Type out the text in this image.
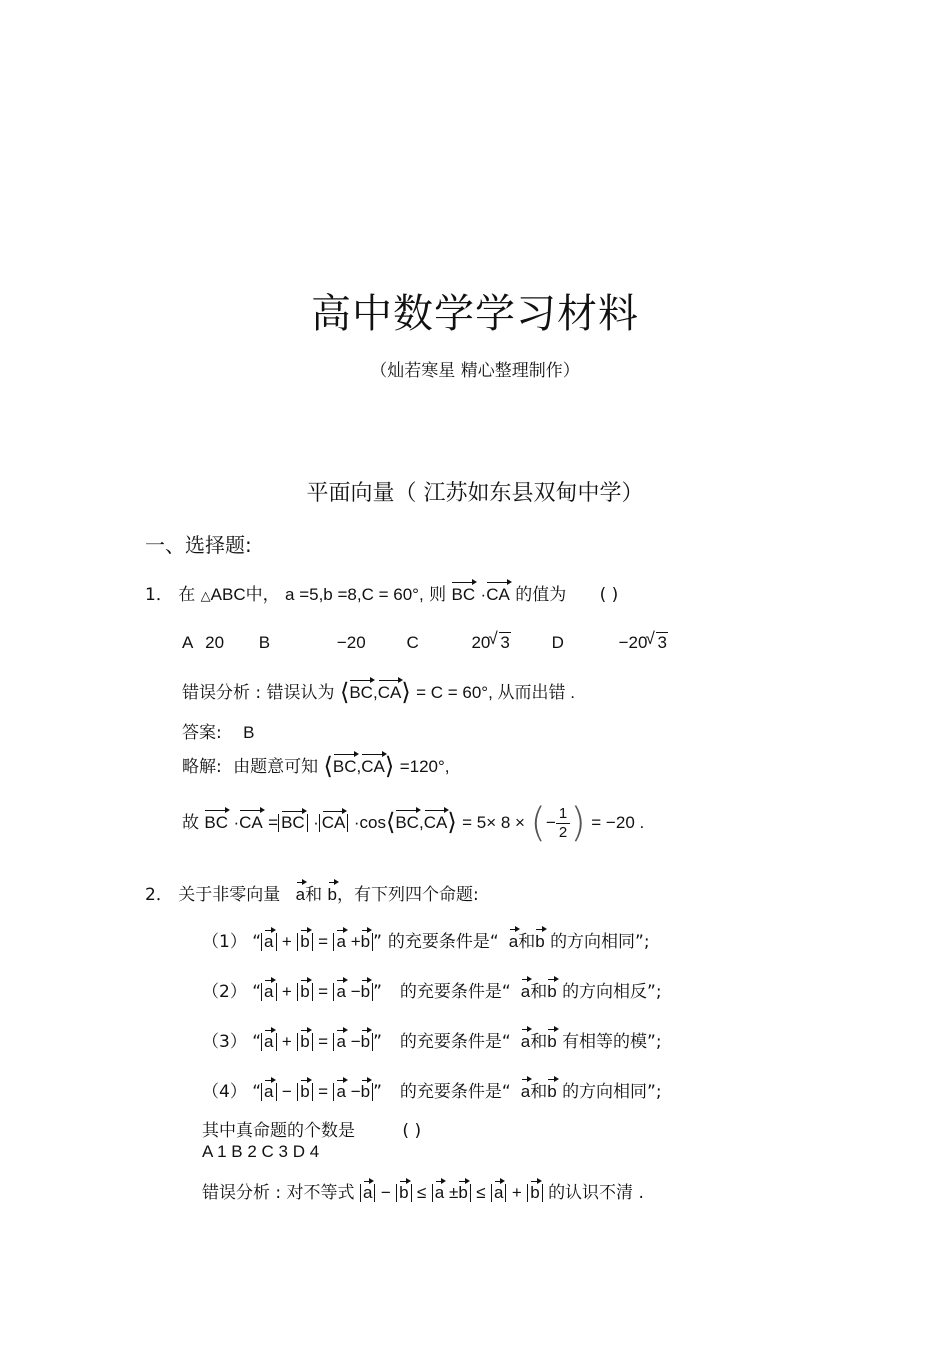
高中数学学习材料
（灿若寒星 精心整理制作）
平面向量（ 江苏如东县双甸中学）
一、选择题:
1． 在 △ABC中， a =5,b =8,C = 60°, 则 BC ·CA 的值为 ( )
A 20 B	−20 C	20 √ 3 D	−20 √ 3
错误分析 : 错误认为 ⟨BC,CA⟩ = C = 60°, 从而出错 .
答案: B
略解: 由题意可知 ⟨BC,CA⟩ =120°,
故 BC ·CA = BC · CA ·cos⟨BC,CA⟩ = 5× 8 × (− $\frac{1}{2}$ ) = −20 .
2． 关于非零向量 a和 b，有下列四个命题:
（1） “ a + b = a +b ” 的充要条件是“ a和b 的方向相同”;
（2） “ a + b = a −b ” 的充要条件是“ a和b 的方向相反”;
（3） “ a + b = a −b ” 的充要条件是“ a和b 有相等的模”;
（4） “ a − b = a −b ” 的充要条件是“ a和b 的方向相同”;
其中真命题的个数是	( )
A 1 B 2 C 3 D 4
错误分析 : 对不等式 a − b ≤ a ±b ≤ a + b 的认识不清 .
